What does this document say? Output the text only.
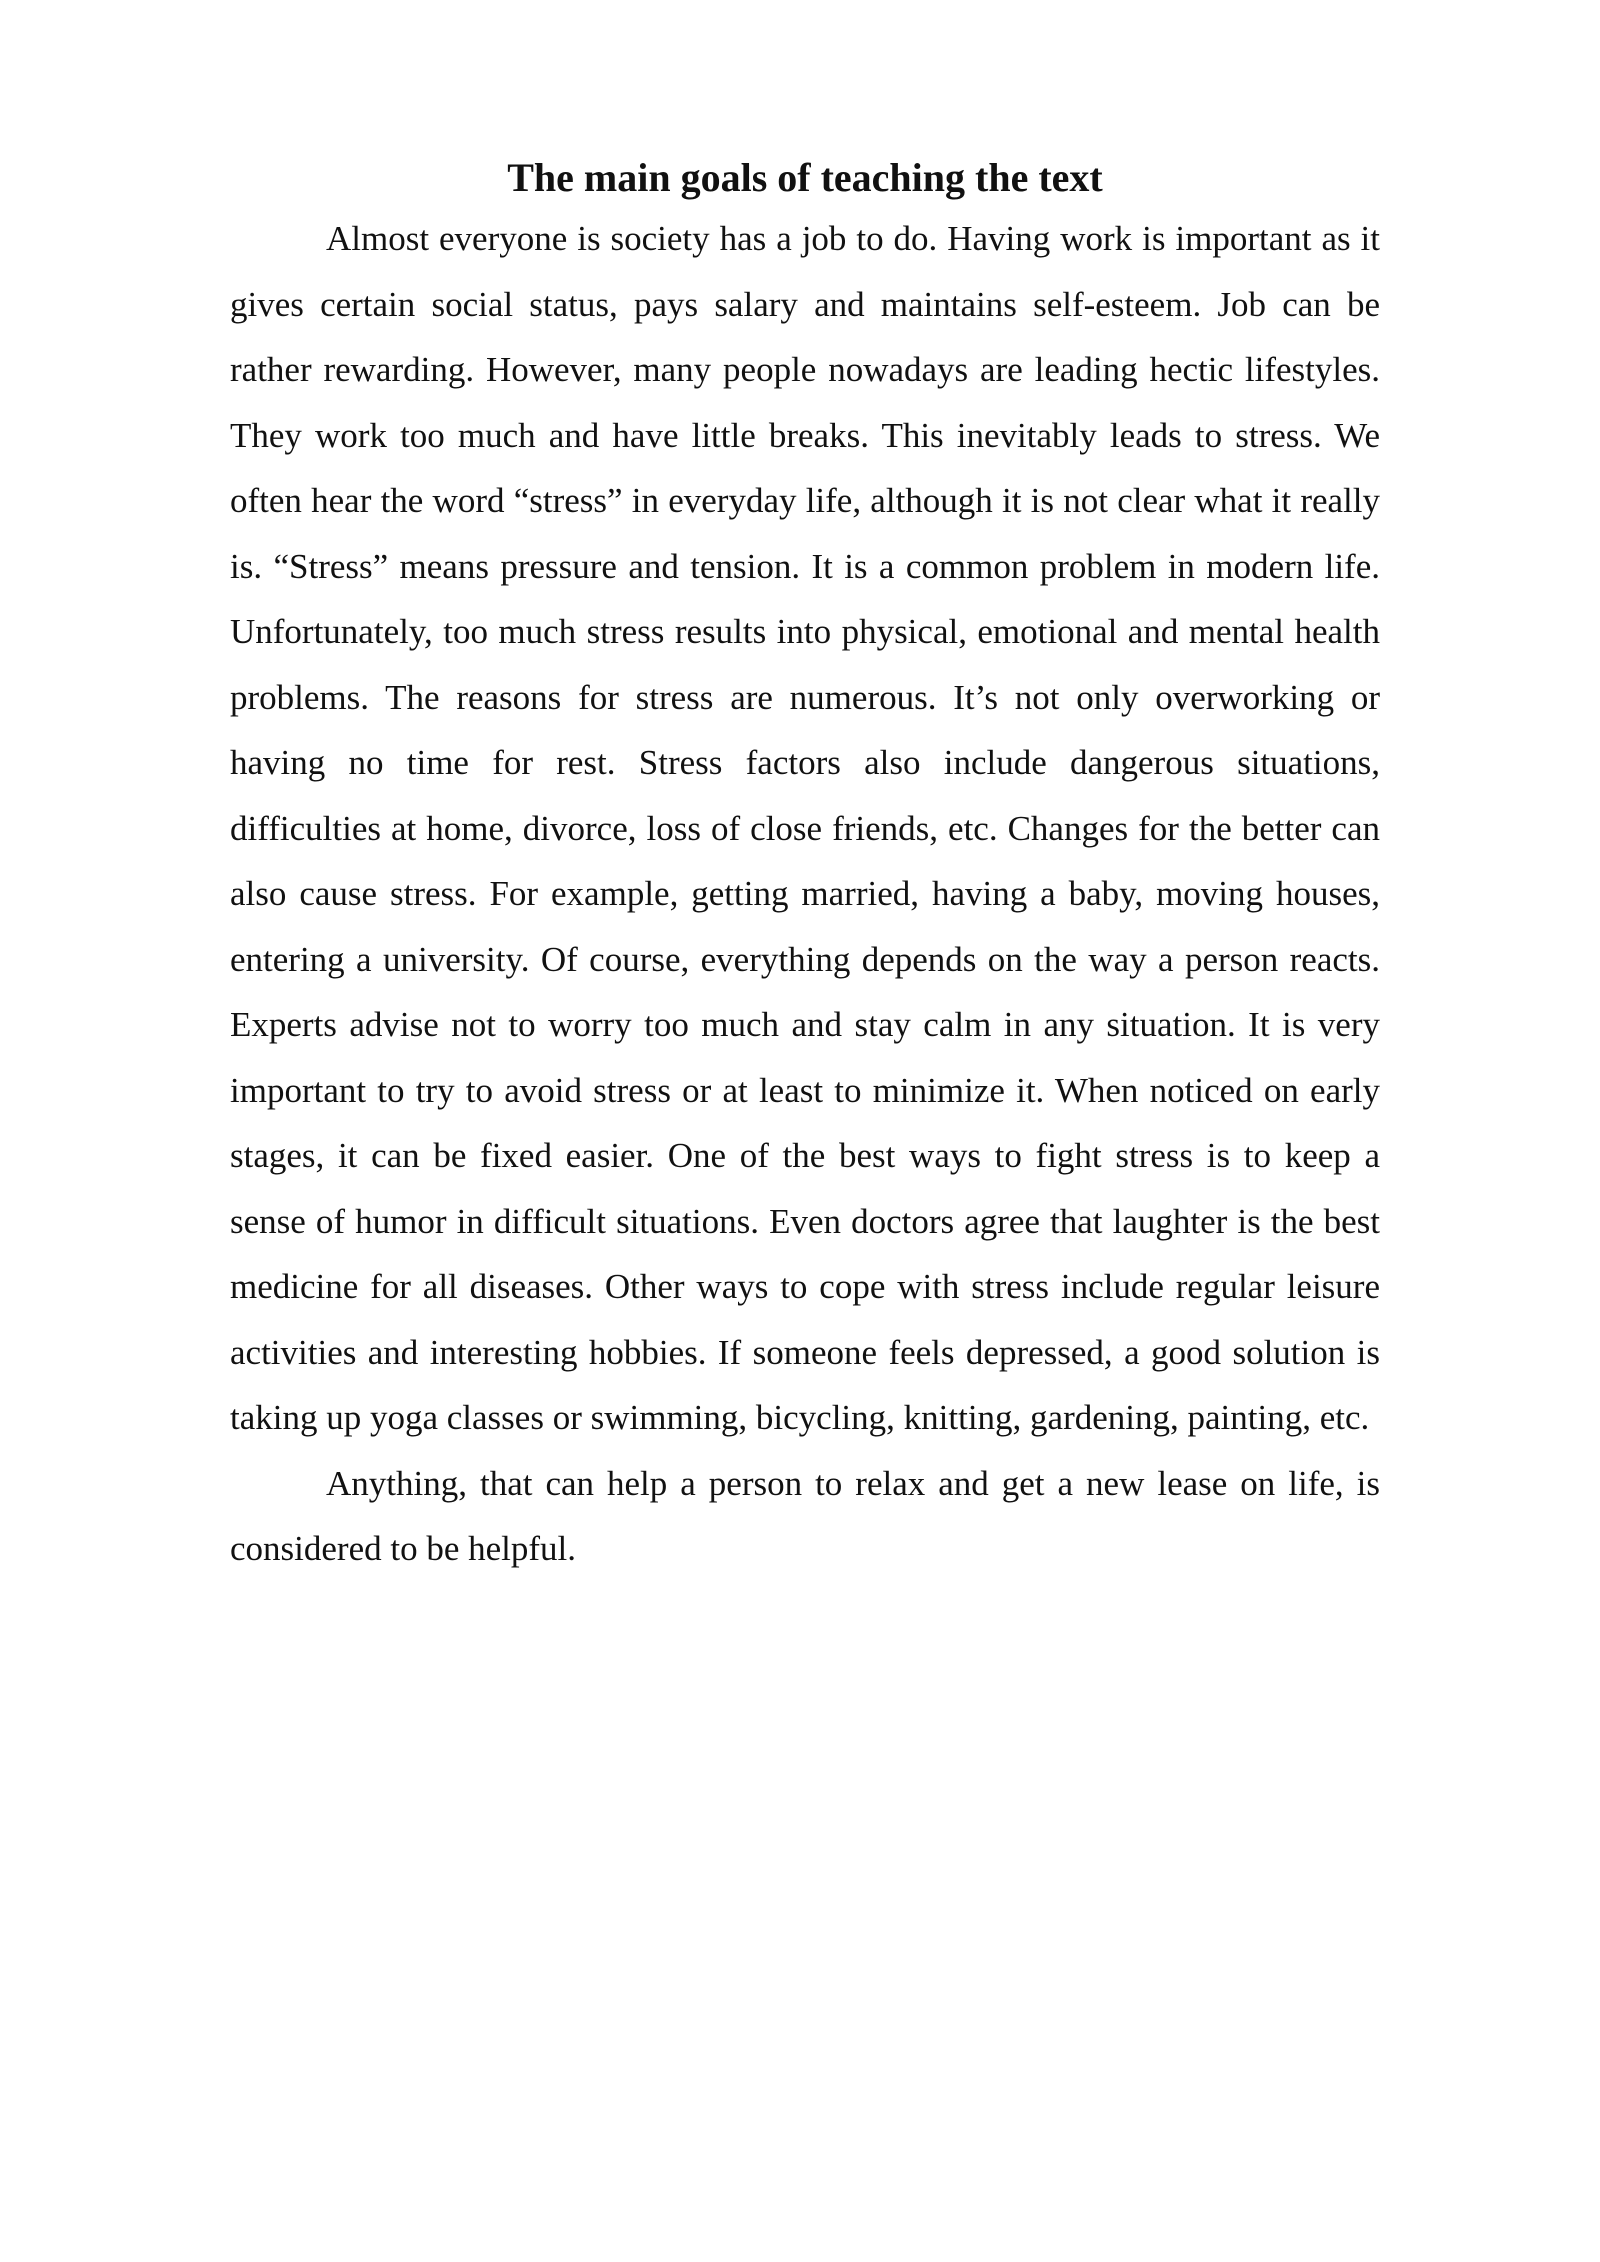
The main goals of teaching the text

Almost everyone is society has a job to do. Having work is important as it gives certain social status, pays salary and maintains self-esteem. Job can be rather rewarding. However, many people nowadays are leading hectic lifestyles. They work too much and have little breaks. This inevitably leads to stress. We often hear the word “stress” in everyday life, although it is not clear what it really is. “Stress” means pressure and tension. It is a common problem in modern life. Unfortunately, too much stress results into physical, emotional and mental health problems. The reasons for stress are numerous. It’s not only overworking or having no time for rest. Stress factors also include dangerous situations, difficulties at home, divorce, loss of close friends, etc. Changes for the better can also cause stress. For example, getting married, having a baby, moving houses, entering a university. Of course, everything depends on the way a person reacts. Experts advise not to worry too much and stay calm in any situation. It is very important to try to avoid stress or at least to minimize it. When noticed on early stages, it can be fixed easier. One of the best ways to fight stress is to keep a sense of humor in difficult situations. Even doctors agree that laughter is the best medicine for all diseases. Other ways to cope with stress include regular leisure activities and interesting hobbies. If someone feels depressed, a good solution is taking up yoga classes or swimming, bicycling, knitting, gardening, painting, etc.

Anything, that can help a person to relax and get a new lease on life, is considered to be helpful.
